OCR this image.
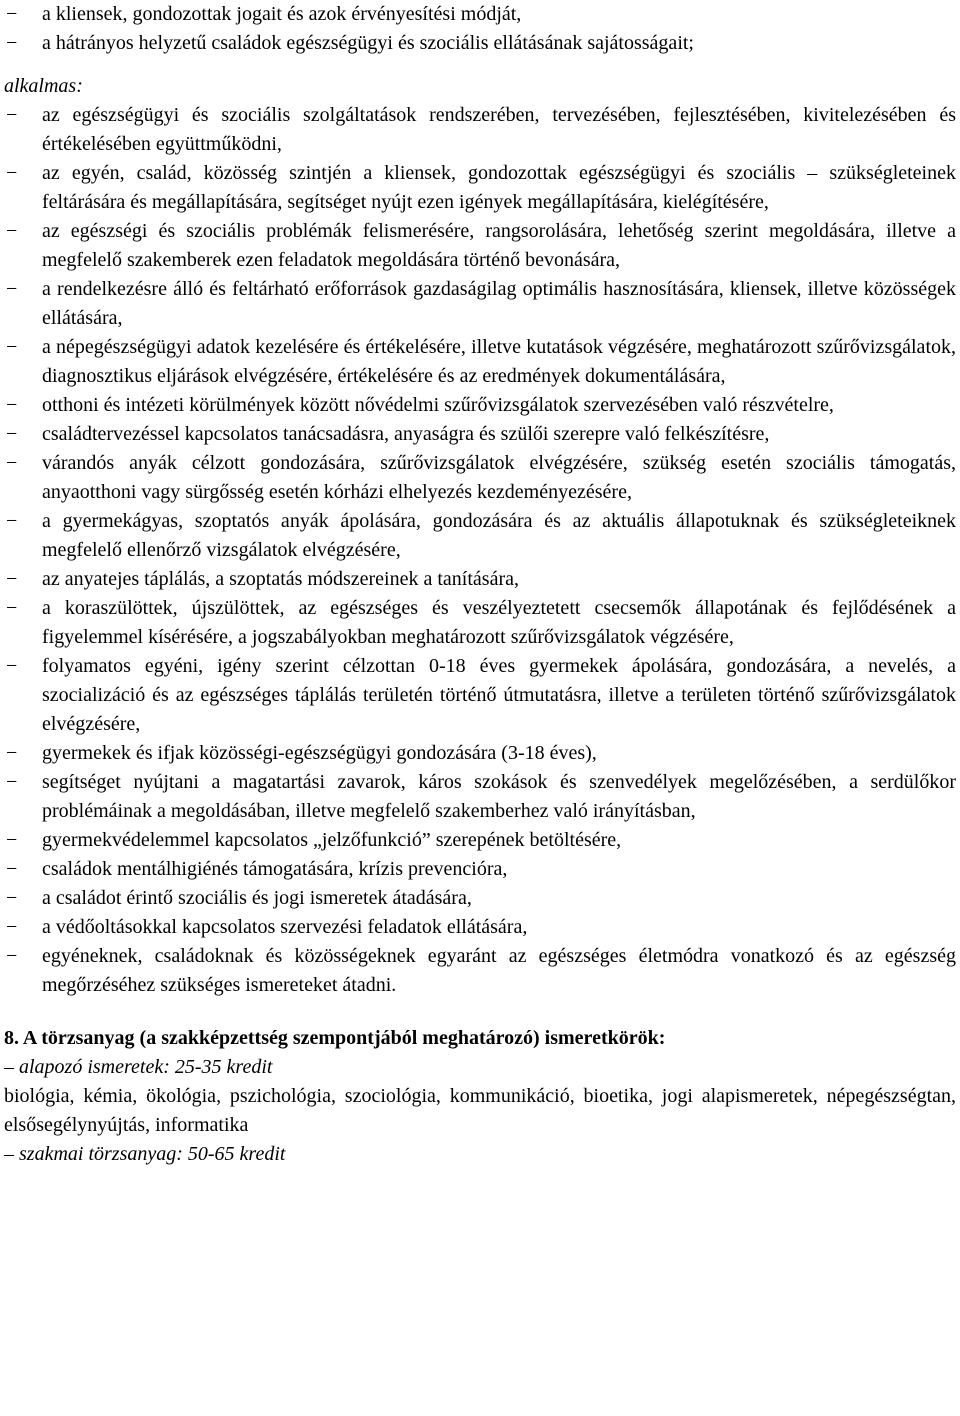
− a kliensek, gondozottak jogait és azok érvényesítési módját,
− a hátrányos helyzetű családok egészségügyi és szociális ellátásának sajátosságait;
alkalmas:
− az egészségügyi és szociális szolgáltatások rendszerében, tervezésében, fejlesztésében, kivitelezésében és értékelésében együttműködni,
− az egyén, család, közösség szintjén a kliensek, gondozottak egészségügyi és szociális – szükségleteinek feltárására és megállapítására, segítséget nyújt ezen igények megállapítására, kielégítésére,
− az egészségi és szociális problémák felismerésére, rangsorolására, lehetőség szerint megoldására, illetve a megfelelő szakemberek ezen feladatok megoldására történő bevonására,
− a rendelkezésre álló és feltárható erőforrások gazdaságilag optimális hasznosítására, kliensek, illetve közösségek ellátására,
− a népegészségügyi adatok kezelésére és értékelésére, illetve kutatások végzésére, meghatározott szűrővizsgálatok, diagnosztikus eljárások elvégzésére, értékelésére és az eredmények dokumentálására,
− otthoni és intézeti körülmények között nővédelmi szűrővizsgálatok szervezésében való részvételre,
− családtervezéssel kapcsolatos tanácsadásra, anyaságra és szülői szerepre való felkészítésre,
− várandós anyák célzott gondozására, szűrővizsgálatok elvégzésére, szükség esetén szociális támogatás, anyaotthoni vagy sürgősség esetén kórházi elhelyezés kezdeményezésére,
− a gyermekágyas, szoptatós anyák ápolására, gondozására és az aktuális állapotuknak és szükségleteiknek megfelelő ellenőrző vizsgálatok elvégzésére,
− az anyatejes táplálás, a szoptatás módszereinek a tanítására,
− a koraszülöttek, újszülöttek, az egészséges és veszélyeztetett csecsemők állapotának és fejlődésének a figyelemmel kísérésére, a jogszabályokban meghatározott szűrővizsgálatok végzésére,
− folyamatos egyéni, igény szerint célzottan 0-18 éves gyermekek ápolására, gondozására, a nevelés, a szocializáció és az egészséges táplálás területén történő útmutatásra, illetve a területen történő szűrővizsgálatok elvégzésére,
− gyermekek és ifjak közösségi-egészségügyi gondozására (3-18 éves),
− segítséget nyújtani a magatartási zavarok, káros szokások és szenvedélyek megelőzésében, a serdülőkor problémáinak a megoldásában, illetve megfelelő szakemberhez való irányításban,
− gyermekvédelemmel kapcsolatos „jelzőfunkció” szerepének betöltésére,
− családok mentálhigiénés támogatására, krízis prevencióra,
− a családot érintő szociális és jogi ismeretek átadására,
− a védőoltásokkal kapcsolatos szervezési feladatok ellátására,
− egyéneknek, családoknak és közösségeknek egyaránt az egészséges életmódra vonatkozó és az egészség megőrzéséhez szükséges ismereteket átadni.
8. A törzsanyag (a szakképzettség szempontjából meghatározó) ismeretkörök:
– alapozó ismeretek: 25-35 kredit
biológia, kémia, ökológia, pszichológia, szociológia, kommunikáció, bioetika, jogi alapismeretek, népegészségtan, elsősegélynyújtás, informatika
– szakmai törzsanyag: 50-65 kredit
